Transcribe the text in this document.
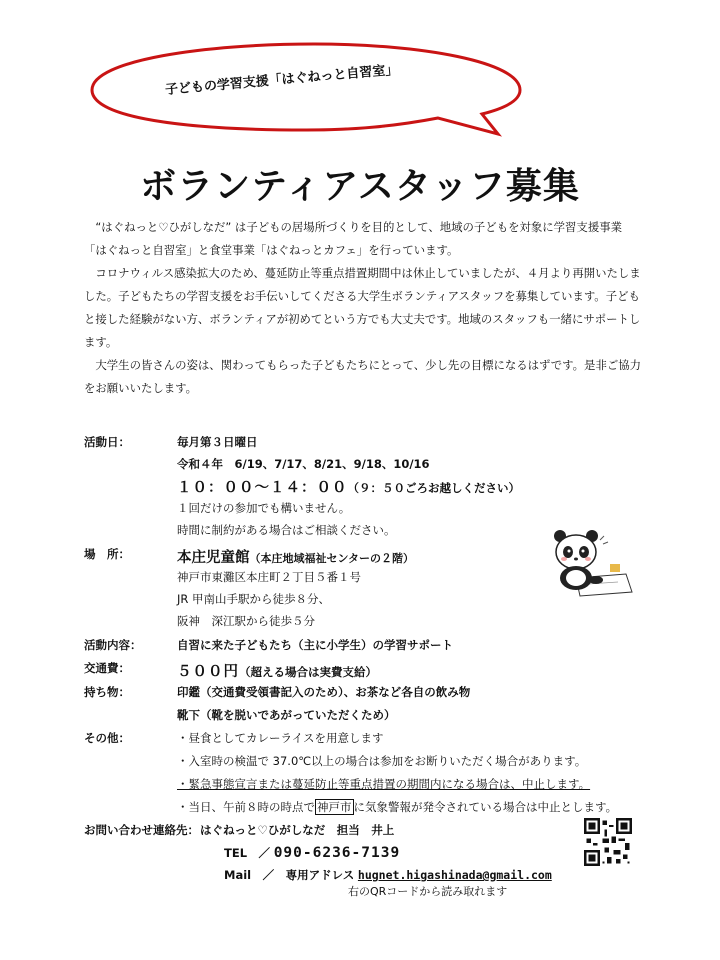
子どもの学習支援「はぐねっと自習室」
ボランティアスタッフ募集

“はぐねっと♡ひがしなだ” は子どもの居場所づくりを目的として、地域の子どもを対象に学習支援事業「はぐねっと自習室」と食堂事業「はぐねっとカフェ」を行っています。

コロナウィルス感染拡大のため、蔓延防止等重点措置期間中は休止していましたが、４月より再開いたしました。子どもたちの学習支援をお手伝いしてくださる大学生ボランティアスタッフを募集しています。子どもと接した経験がない方、ボランティアが初めてという方でも大丈夫です。地域のスタッフも一緒にサポートします。

大学生の皆さんの姿は、関わってもらった子どもたちにとって、少し先の目標になるはずです。是非ご協力をお願いいたします。

活動日：	毎月第３日曜日
令和４年　6/19、7/17、8/21、9/18、10/16
１０：００〜１４：００（９：５０ごろお越しください）
１回だけの参加でも構いません。
時間に制約がある場合はご相談ください。
場　所：	本庄児童館（本庄地域福祉センターの２階）
神戸市東灘区本庄町２丁目５番１号
JR 甲南山手駅から徒歩８分、
阪神　深江駅から徒歩５分
活動内容：	自習に来た子どもたち（主に小学生）の学習サポート
交通費：	５００円（超える場合は実費支給）
持ち物：	印鑑（交通費受領書記入のため）、お茶など各自の飲み物
靴下（靴を脱いであがっていただくため）
その他：	・昼食としてカレーライスを用意します
・入室時の検温で 37.0℃以上の場合は参加をお断りいただく場合があります。
・緊急事態宣言または蔓延防止等重点措置の期間内になる場合は、中止します。
・当日、午前８時の時点で 神戸市 に気象警報が発令されている場合は中止とします。
お問い合わせ連絡先： はぐねっと♡ひがしなだ　担当　井上
TEL　／ 090-6236-7139
Mail　／　専用アドレス hugnet.higashinada@gmail.com
右のQRコードから読み取れます
